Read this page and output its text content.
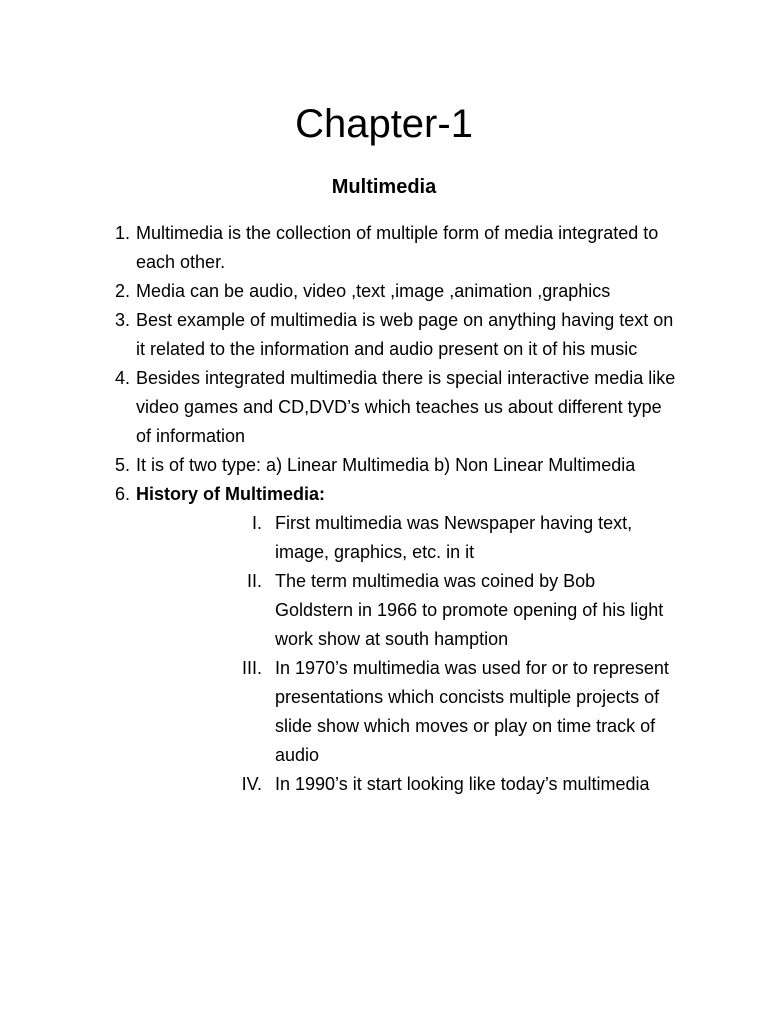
Chapter-1
Multimedia
1. Multimedia is the collection of multiple form of media integrated to each other.
2. Media can be audio, video ,text ,image ,animation ,graphics
3. Best example of multimedia is web page on anything having text on it related to the information and audio present on it of his music
4. Besides integrated multimedia there is special interactive media like video games and CD,DVD’s which teaches us about different type of information
5. It is of two type: a) Linear Multimedia b) Non Linear Multimedia
6. History of Multimedia:
I. First multimedia was Newspaper having text, image, graphics, etc. in it
II. The term multimedia was coined by Bob Goldstern in 1966 to promote opening of his light work show at south hamption
III. In 1970’s multimedia was used for or to represent presentations which concists multiple projects of slide show which moves or play on time track of audio
IV. In 1990’s it start looking like today’s multimedia
